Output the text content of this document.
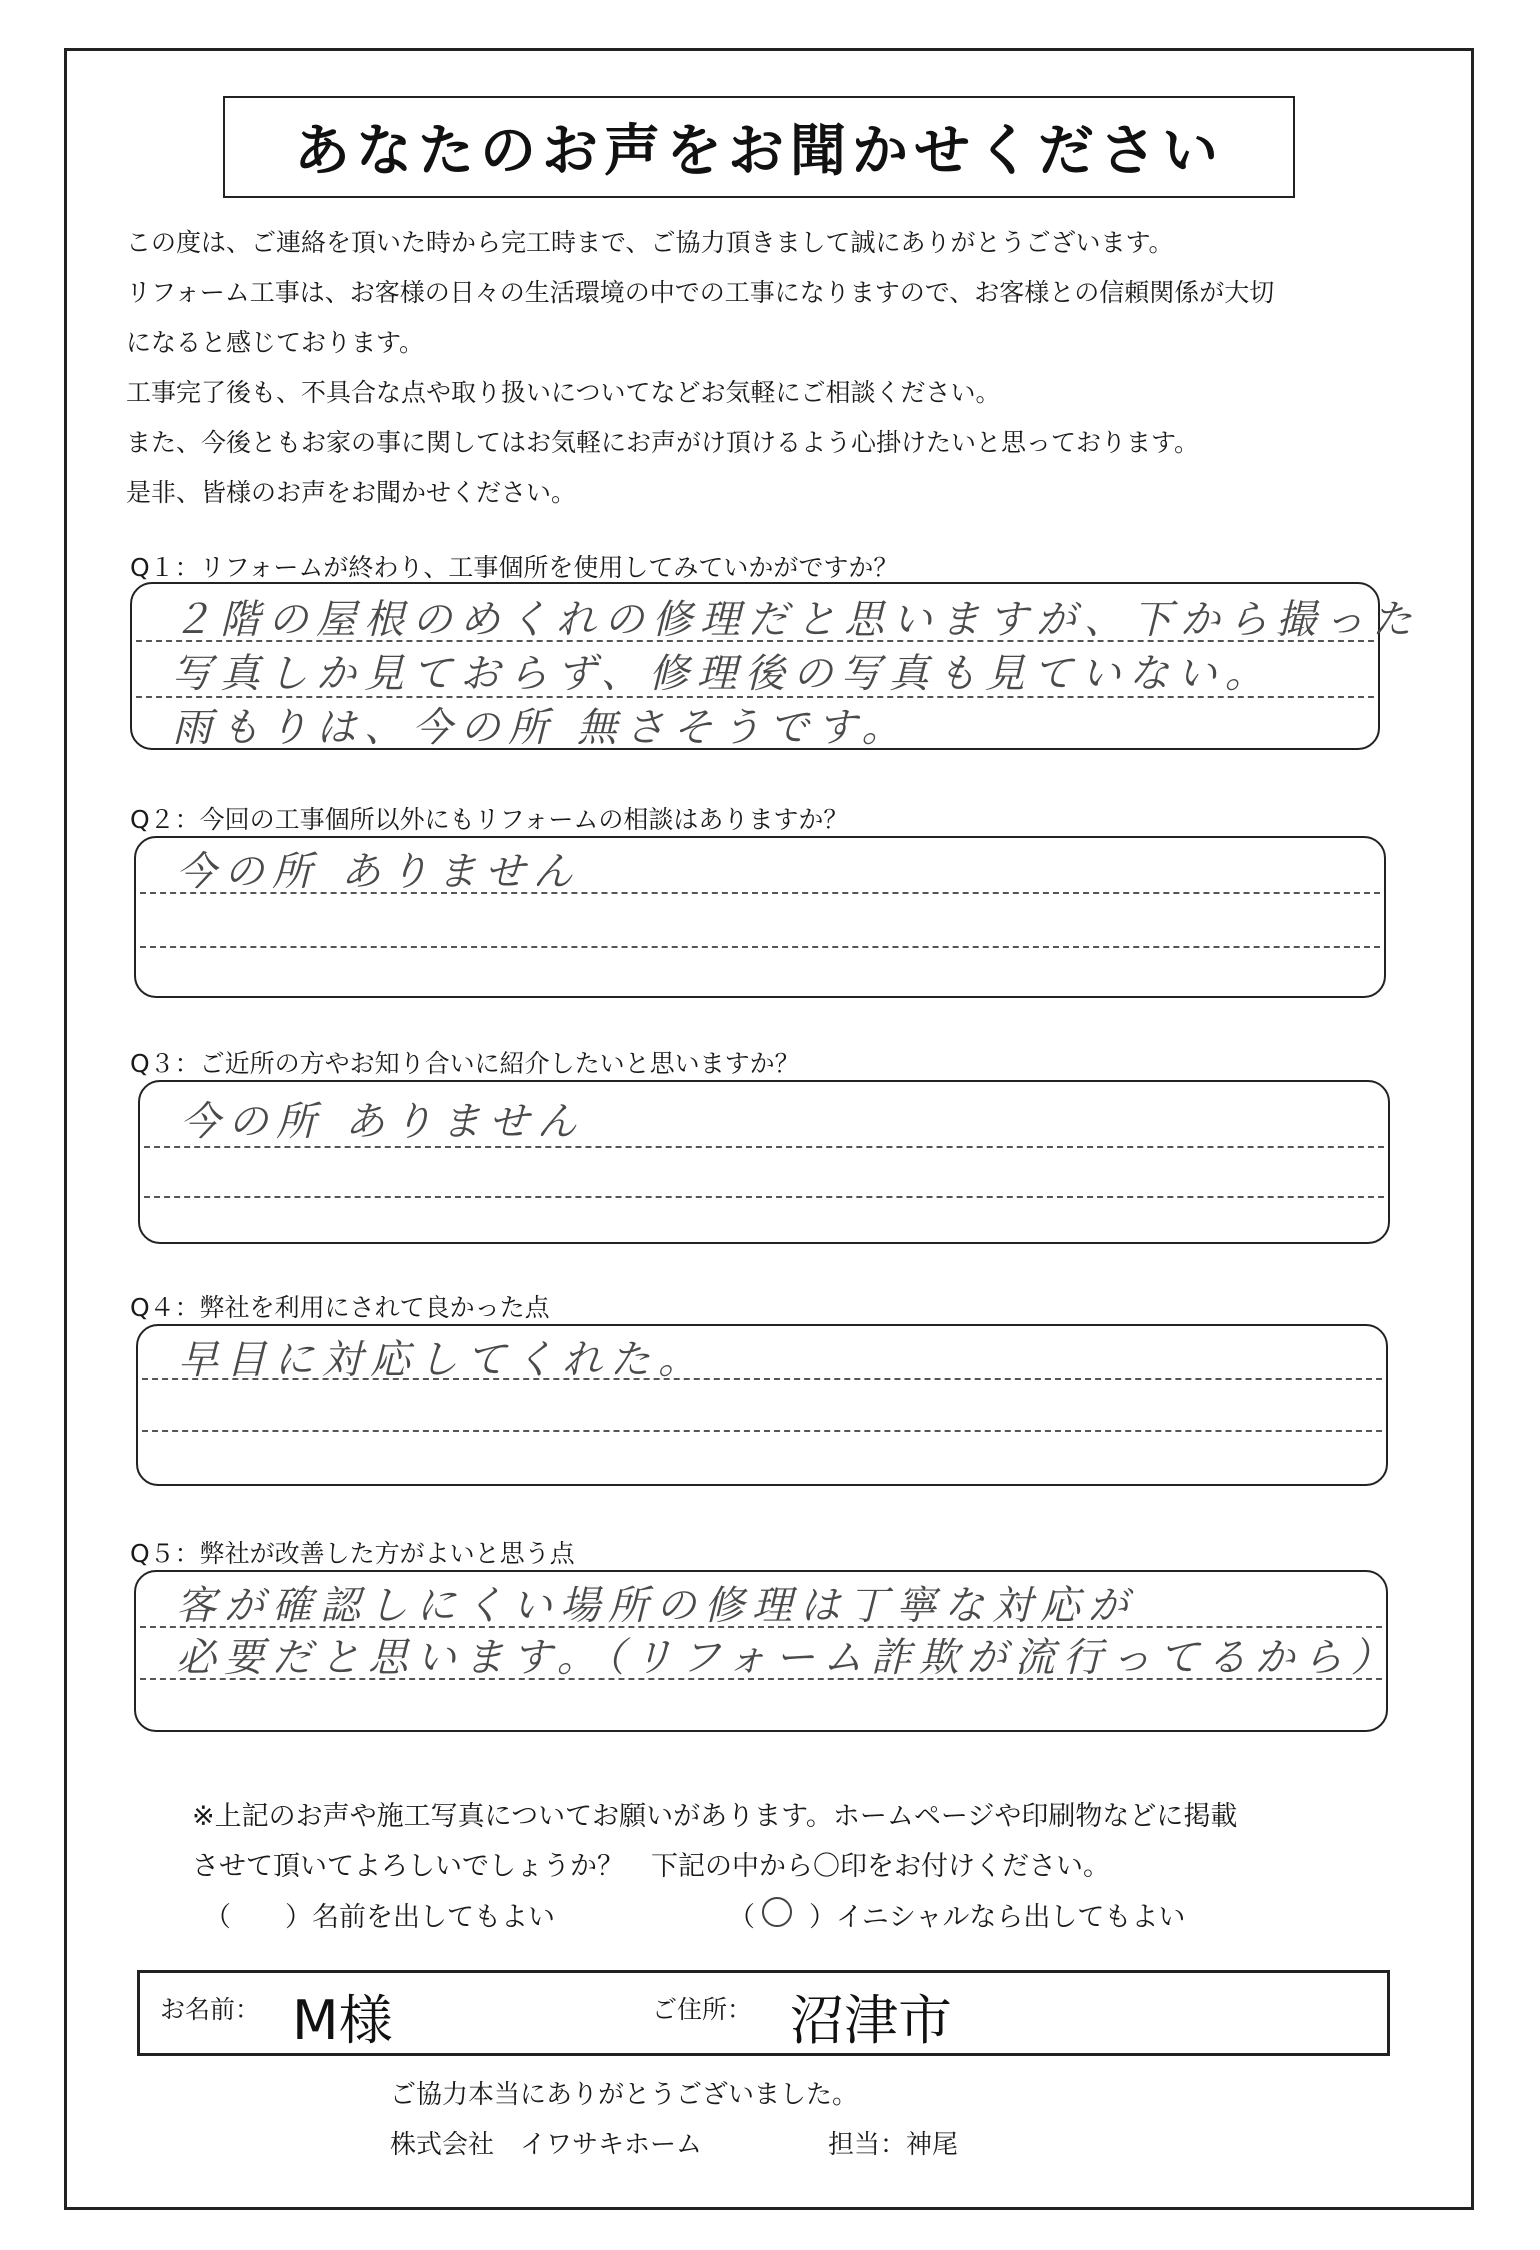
あなたのお声をお聞かせください
この度は、ご連絡を頂いた時から完工時まで、ご協力頂きまして誠にありがとうございます。
リフォーム工事は、お客様の日々の生活環境の中での工事になりますので、お客様との信頼関係が大切
になると感じております。
工事完了後も、不具合な点や取り扱いについてなどお気軽にご相談ください。
また、今後ともお家の事に関してはお気軽にお声がけ頂けるよう心掛けたいと思っております。
是非、皆様のお声をお聞かせください。
Q１：リフォームが終わり、工事個所を使用してみていかがですか？
２階の屋根のめくれの修理だと思いますが、下から撮った
写真しか見ておらず、修理後の写真も見ていない。
雨もりは、今の所 無さそうです。
Q２：今回の工事個所以外にもリフォームの相談はありますか？
今の所 ありません
Q３：ご近所の方やお知り合いに紹介したいと思いますか？
今の所 ありません
Q４：弊社を利用にされて良かった点
早目に対応してくれた。
Q５：弊社が改善した方がよいと思う点
客が確認しにくい場所の修理は丁寧な対応が
必要だと思います。（リフォーム詐欺が流行ってるから）
※上記のお声や施工写真についてお願いがあります。ホームページや印刷物などに掲載
させて頂いてよろしいでしょうか？　下記の中から〇印をお付けください。
（　　）名前を出してもよい	（　　）イニシャルなら出してもよい
お名前： M様	ご住所： 沼津市
ご協力本当にありがとうございました。
株式会社　イワサキホーム	担当：神尾
